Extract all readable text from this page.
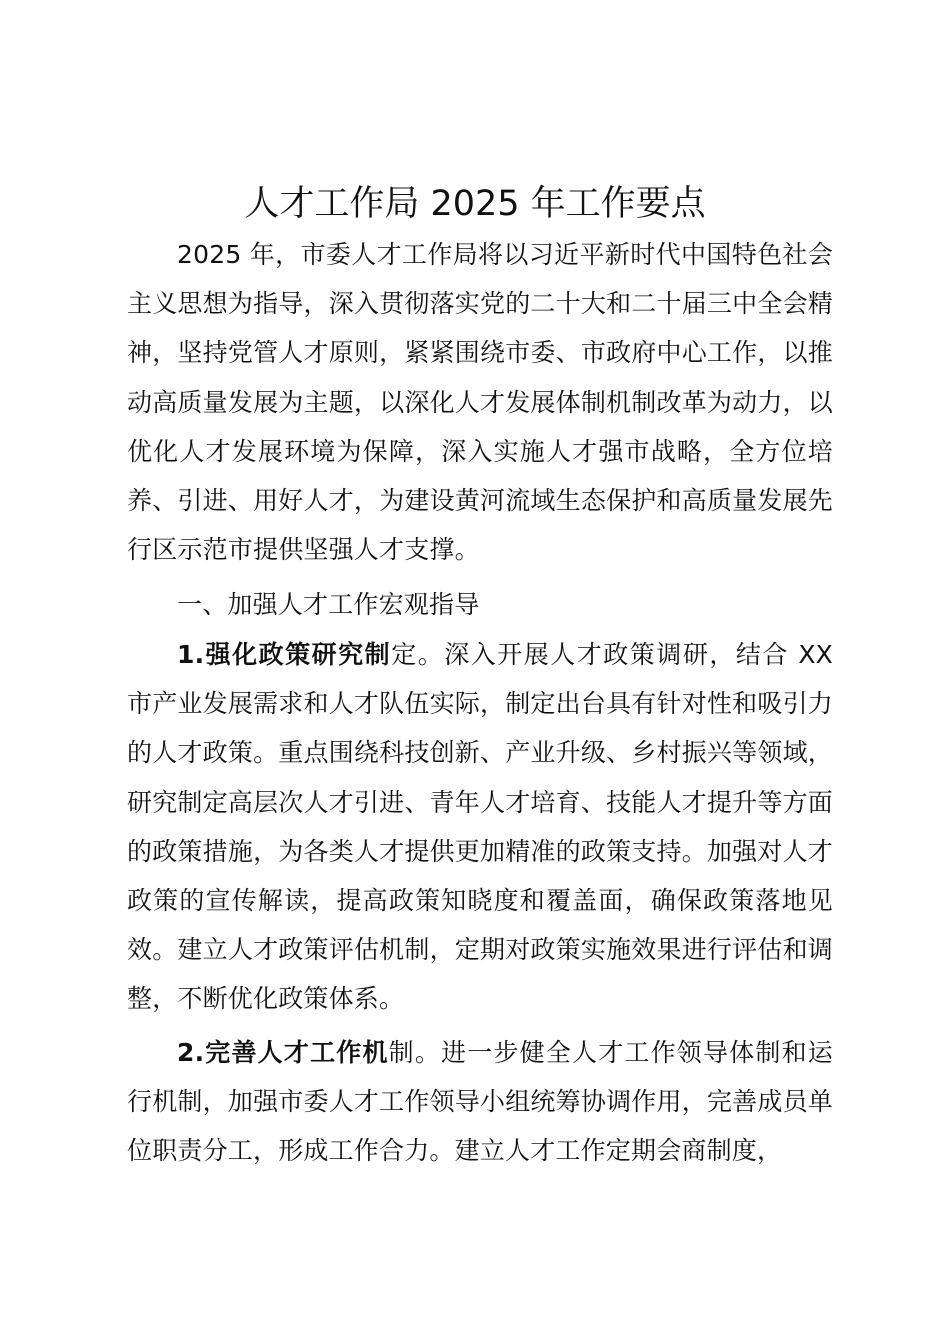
人才工作局 2025 年工作要点
2025 年，市委人才工作局将以习近平新时代中国特色社会主义思想为指导，深入贯彻落实党的二十大和二十届三中全会精神，坚持党管人才原则，紧紧围绕市委、市政府中心工作，以推动高质量发展为主题，以深化人才发展体制机制改革为动力，以优化人才发展环境为保障，深入实施人才强市战略，全方位培养、引进、用好人才，为建设黄河流域生态保护和高质量发展先行区示范市提供坚强人才支撑。
一、加强人才工作宏观指导
1.强化政策研究制定。深入开展人才政策调研，结合 XX 市产业发展需求和人才队伍实际，制定出台具有针对性和吸引力的人才政策。重点围绕科技创新、产业升级、乡村振兴等领域，研究制定高层次人才引进、青年人才培育、技能人才提升等方面的政策措施，为各类人才提供更加精准的政策支持。加强对人才政策的宣传解读，提高政策知晓度和覆盖面，确保政策落地见效。建立人才政策评估机制，定期对政策实施效果进行评估和调整，不断优化政策体系。
2.完善人才工作机制。进一步健全人才工作领导体制和运行机制，加强市委人才工作领导小组统筹协调作用，完善成员单位职责分工，形成工作合力。建立人才工作定期会商制度，
